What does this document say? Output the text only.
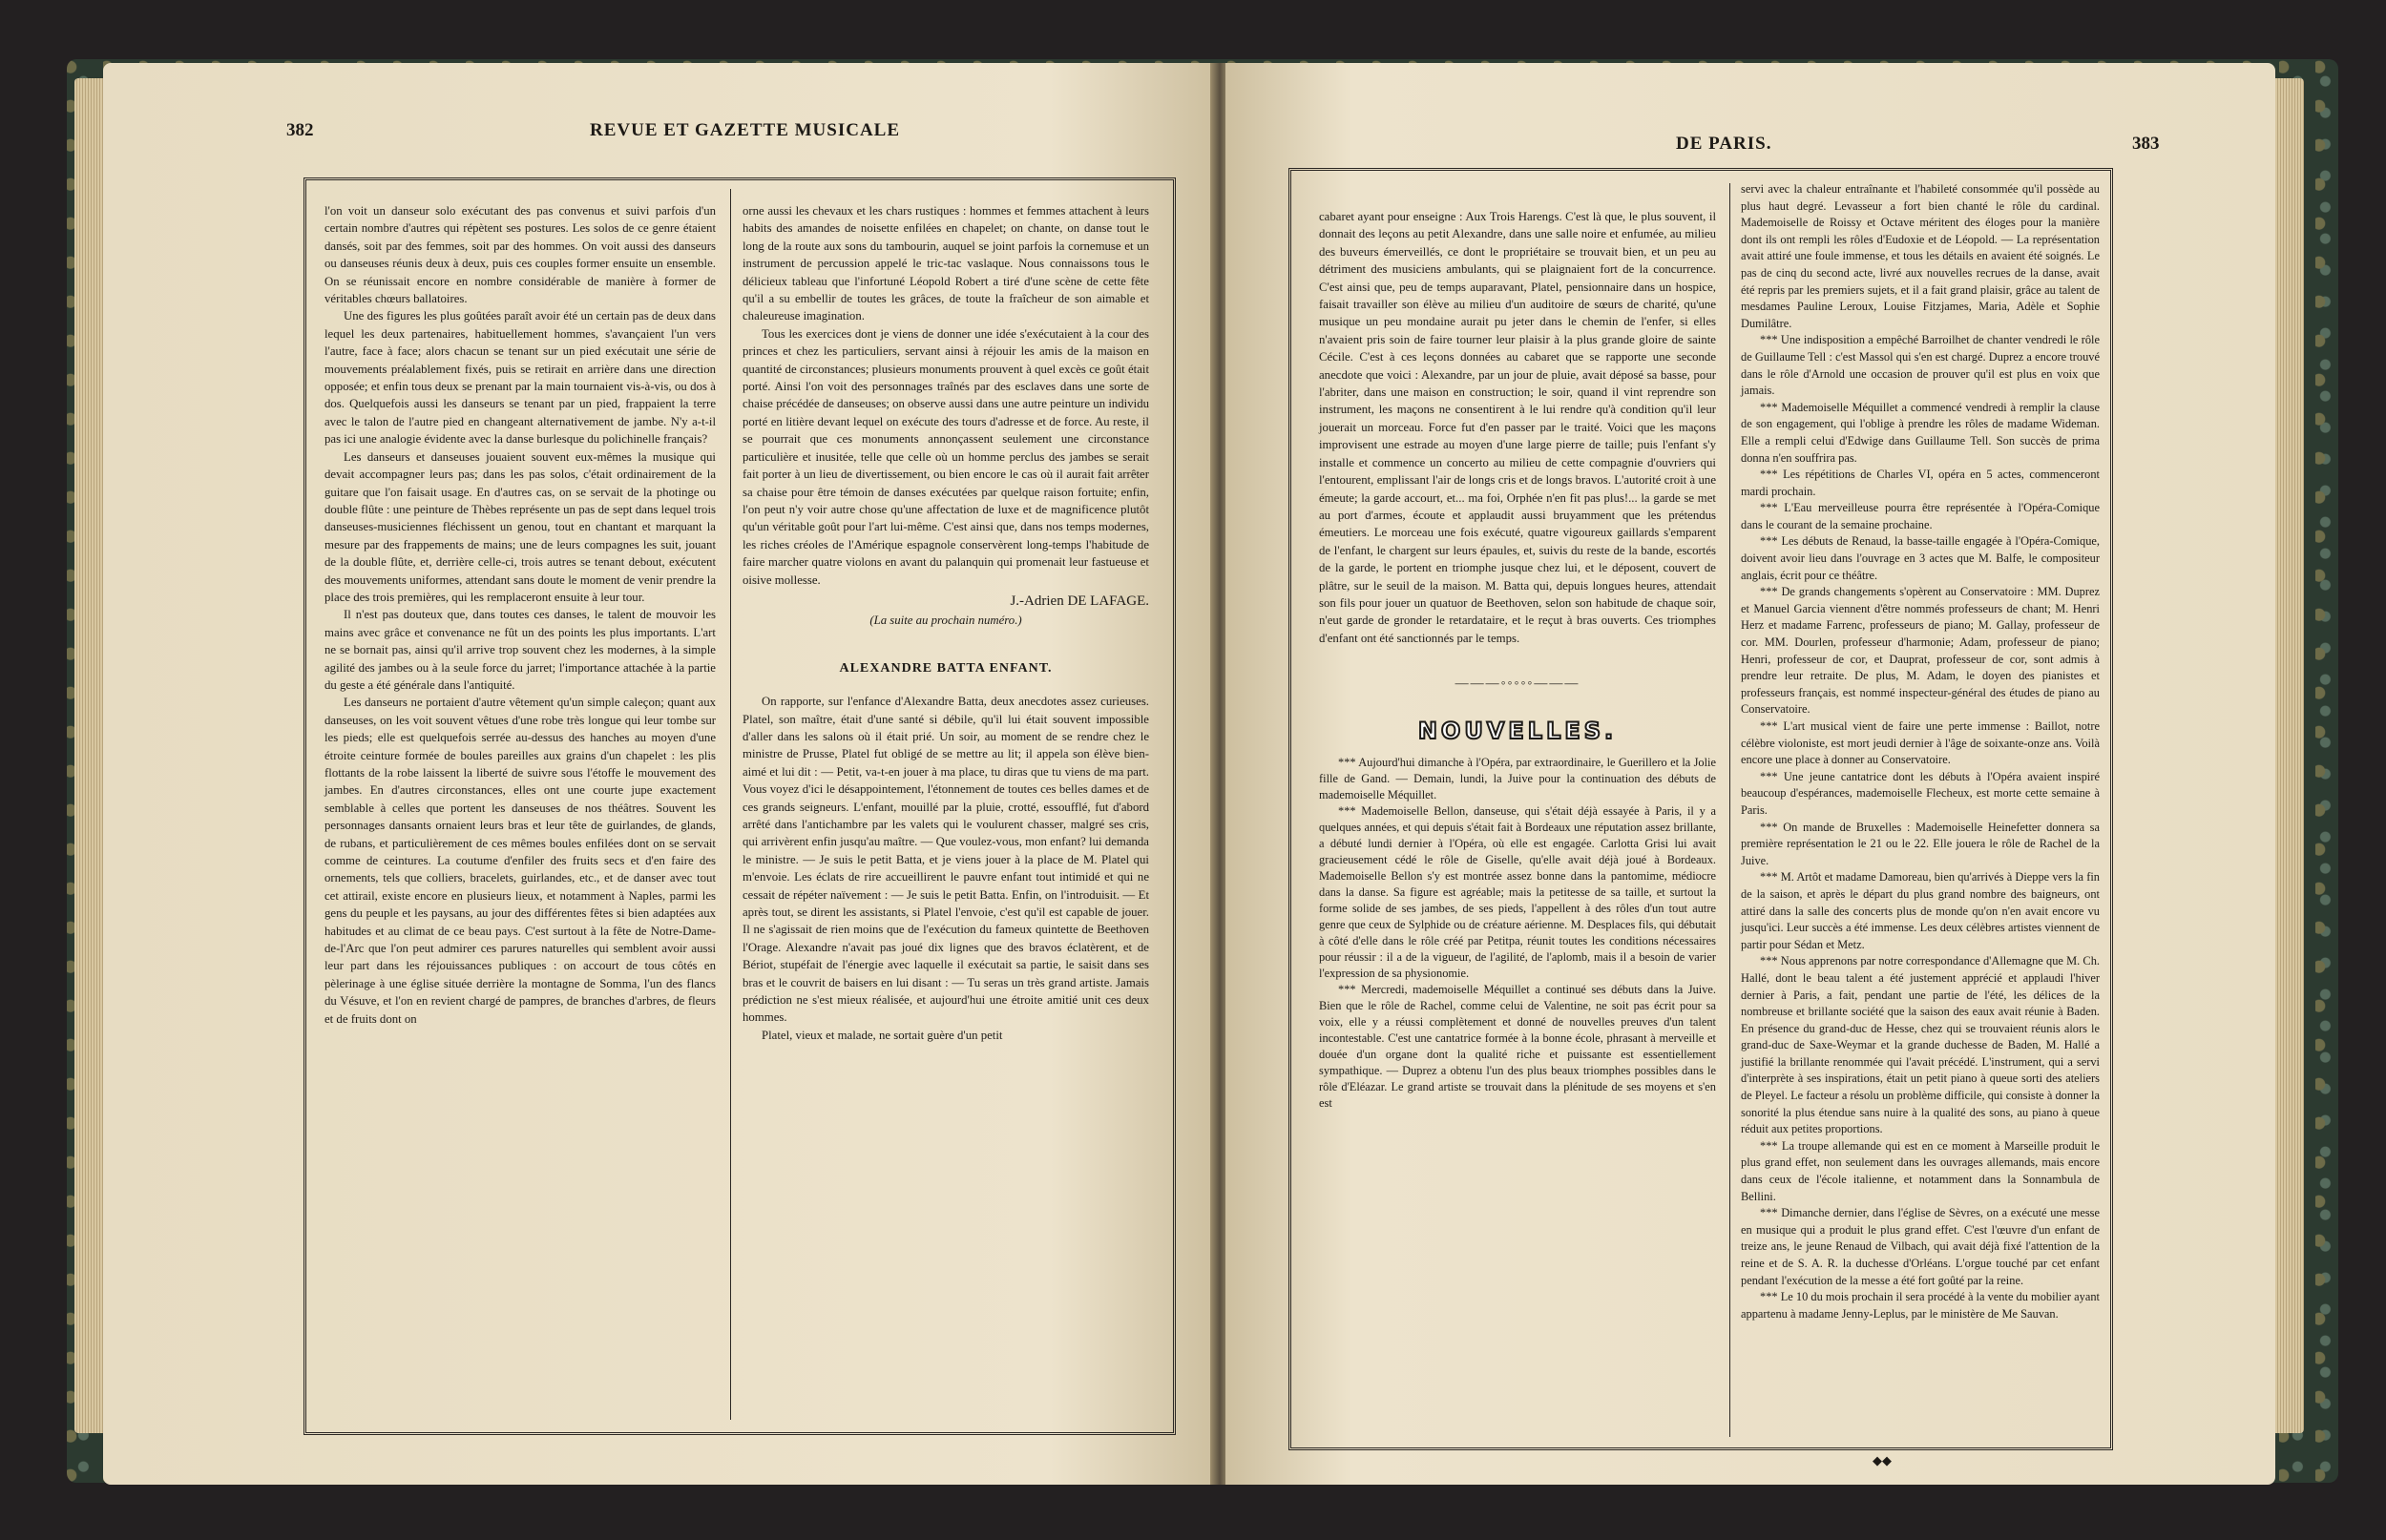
382	REVUE ET GAZETTE MUSICALE

l'on voit un danseur solo exécutant des pas convenus et suivi parfois d'un certain nombre d'autres qui répètent ses postures. Les solos de ce genre étaient dansés, soit par des femmes, soit par des hommes. On voit aussi des danseurs ou danseuses réunis deux à deux, puis ces couples former ensuite un ensemble. On se réunissait encore en nombre considérable de manière à former de véritables chœurs ballatoires.

Une des figures les plus goûtées paraît avoir été un certain pas de deux dans lequel les deux partenaires, habituellement hommes, s'avançaient l'un vers l'autre, face à face; alors chacun se tenant sur un pied exécutait une série de mouvements préalablement fixés, puis se retirait en arrière dans une direction opposée; et enfin tous deux se prenant par la main tournaient vis-à-vis, ou dos à dos. Quelquefois aussi les danseurs se tenant par un pied, frappaient la terre avec le talon de l'autre pied en changeant alternativement de jambe. N'y a-t-il pas ici une analogie évidente avec la danse burlesque du polichinelle français?

Les danseurs et danseuses jouaient souvent eux-mêmes la musique qui devait accompagner leurs pas; dans les pas solos, c'était ordinairement de la guitare que l'on faisait usage. En d'autres cas, on se servait de la photinge ou double flûte : une peinture de Thèbes représente un pas de sept dans lequel trois danseuses-musiciennes fléchissent un genou, tout en chantant et marquant la mesure par des frappements de mains; une de leurs compagnes les suit, jouant de la double flûte, et, derrière celle-ci, trois autres se tenant debout, exécutent des mouvements uniformes, attendant sans doute le moment de venir prendre la place des trois premières, qui les remplaceront ensuite à leur tour.

Il n'est pas douteux que, dans toutes ces danses, le talent de mouvoir les mains avec grâce et convenance ne fût un des points les plus importants. L'art ne se bornait pas, ainsi qu'il arrive trop souvent chez les modernes, à la simple agilité des jambes ou à la seule force du jarret; l'importance attachée à la partie du geste a été générale dans l'antiquité.

Les danseurs ne portaient d'autre vêtement qu'un simple caleçon; quant aux danseuses, on les voit souvent vêtues d'une robe très longue qui leur tombe sur les pieds; elle est quelquefois serrée au-dessus des hanches au moyen d'une étroite ceinture formée de boules pareilles aux grains d'un chapelet : les plis flottants de la robe laissent la liberté de suivre sous l'étoffe le mouvement des jambes. En d'autres circonstances, elles ont une courte jupe exactement semblable à celles que portent les danseuses de nos théâtres. Souvent les personnages dansants ornaient leurs bras et leur tête de guirlandes, de glands, de rubans, et particulièrement de ces mêmes boules enfilées dont on se servait comme de ceintures. La coutume d'enfiler des fruits secs et d'en faire des ornements, tels que colliers, bracelets, guirlandes, etc., et de danser avec tout cet attirail, existe encore en plusieurs lieux, et notamment à Naples, parmi les gens du peuple et les paysans, au jour des différentes fêtes si bien adaptées aux habitudes et au climat de ce beau pays. C'est surtout à la fête de Notre-Dame-de-l'Arc que l'on peut admirer ces parures naturelles qui semblent avoir aussi leur part dans les réjouissances publiques : on accourt de tous côtés en pèlerinage à une église située derrière la montagne de Somma, l'un des flancs du Vésuve, et l'on en revient chargé de pampres, de branches d'arbres, de fleurs et de fruits dont on

orne aussi les chevaux et les chars rustiques : hommes et femmes attachent à leurs habits des amandes de noisette enfilées en chapelet; on chante, on danse tout le long de la route aux sons du tambourin, auquel se joint parfois la cornemuse et un instrument de percussion appelé le tric-tac vaslaque. Nous connaissons tous le délicieux tableau que l'infortuné Léopold Robert a tiré d'une scène de cette fête qu'il a su embellir de toutes les grâces, de toute la fraîcheur de son aimable et chaleureuse imagination.

Tous les exercices dont je viens de donner une idée s'exécutaient à la cour des princes et chez les particuliers, servant ainsi à réjouir les amis de la maison en quantité de circonstances; plusieurs monuments prouvent à quel excès ce goût était porté. Ainsi l'on voit des personnages traînés par des esclaves dans une sorte de chaise précédée de danseuses; on observe aussi dans une autre peinture un individu porté en litière devant lequel on exécute des tours d'adresse et de force. Au reste, il se pourrait que ces monuments annonçassent seulement une circonstance particulière et inusitée, telle que celle où un homme perclus des jambes se serait fait porter à un lieu de divertissement, ou bien encore le cas où il aurait fait arrêter sa chaise pour être témoin de danses exécutées par quelque raison fortuite; enfin, l'on peut n'y voir autre chose qu'une affectation de luxe et de magnificence plutôt qu'un véritable goût pour l'art lui-même. C'est ainsi que, dans nos temps modernes, les riches créoles de l'Amérique espagnole conservèrent long-temps l'habitude de faire marcher quatre violons en avant du palanquin qui promenait leur fastueuse et oisive mollesse.

J.-Adrien DE LAFAGE.
(La suite au prochain numéro.)
ALEXANDRE BATTA ENFANT.

On rapporte, sur l'enfance d'Alexandre Batta, deux anecdotes assez curieuses. Platel, son maître, était d'une santé si débile, qu'il lui était souvent impossible d'aller dans les salons où il était prié. Un soir, au moment de se rendre chez le ministre de Prusse, Platel fut obligé de se mettre au lit; il appela son élève bien-aimé et lui dit : — Petit, va-t-en jouer à ma place, tu diras que tu viens de ma part. Vous voyez d'ici le désappointement, l'étonnement de toutes ces belles dames et de ces grands seigneurs. L'enfant, mouillé par la pluie, crotté, essoufflé, fut d'abord arrêté dans l'antichambre par les valets qui le voulurent chasser, malgré ses cris, qui arrivèrent enfin jusqu'au maître. — Que voulez-vous, mon enfant? lui demanda le ministre. — Je suis le petit Batta, et je viens jouer à la place de M. Platel qui m'envoie. Les éclats de rire accueillirent le pauvre enfant tout intimidé et qui ne cessait de répéter naïvement : — Je suis le petit Batta. Enfin, on l'introduisit. — Et après tout, se dirent les assistants, si Platel l'envoie, c'est qu'il est capable de jouer. Il ne s'agissait de rien moins que de l'exécution du fameux quintette de Beethoven l'Orage. Alexandre n'avait pas joué dix lignes que des bravos éclatèrent, et de Bériot, stupéfait de l'énergie avec laquelle il exécutait sa partie, le saisit dans ses bras et le couvrit de baisers en lui disant : — Tu seras un très grand artiste. Jamais prédiction ne s'est mieux réalisée, et aujourd'hui une étroite amitié unit ces deux hommes.

Platel, vieux et malade, ne sortait guère d'un petit

DE PARIS.	383

cabaret ayant pour enseigne : Aux Trois Harengs. C'est là que, le plus souvent, il donnait des leçons au petit Alexandre, dans une salle noire et enfumée, au milieu des buveurs émerveillés, ce dont le propriétaire se trouvait bien, et un peu au détriment des musiciens ambulants, qui se plaignaient fort de la concurrence. C'est ainsi que, peu de temps auparavant, Platel, pensionnaire dans un hospice, faisait travailler son élève au milieu d'un auditoire de sœurs de charité, qu'une musique un peu mondaine aurait pu jeter dans le chemin de l'enfer, si elles n'avaient pris soin de faire tourner leur plaisir à la plus grande gloire de sainte Cécile. C'est à ces leçons données au cabaret que se rapporte une seconde anecdote que voici : Alexandre, par un jour de pluie, avait déposé sa basse, pour l'abriter, dans une maison en construction; le soir, quand il vint reprendre son instrument, les maçons ne consentirent à le lui rendre qu'à condition qu'il leur jouerait un morceau. Force fut d'en passer par le traité. Voici que les maçons improvisent une estrade au moyen d'une large pierre de taille; puis l'enfant s'y installe et commence un concerto au milieu de cette compagnie d'ouvriers qui l'entourent, emplissant l'air de longs cris et de longs bravos. L'autorité croit à une émeute; la garde accourt, et... ma foi, Orphée n'en fit pas plus!... la garde se met au port d'armes, écoute et applaudit aussi bruyamment que les prétendus émeutiers. Le morceau une fois exécuté, quatre vigoureux gaillards s'emparent de l'enfant, le chargent sur leurs épaules, et, suivis du reste de la bande, escortés de la garde, le portent en triomphe jusque chez lui, et le déposent, couvert de plâtre, sur le seuil de la maison. M. Batta qui, depuis longues heures, attendait son fils pour jouer un quatuor de Beethoven, selon son habitude de chaque soir, n'eut garde de gronder le retardataire, et le reçut à bras ouverts. Ces triomphes d'enfant ont été sanctionnés par le temps.

———◦◦◦◦◦———
NOUVELLES.

*** Aujourd'hui dimanche à l'Opéra, par extraordinaire, le Guerillero et la Jolie fille de Gand. — Demain, lundi, la Juive pour la continuation des débuts de mademoiselle Méquillet.

*** Mademoiselle Bellon, danseuse, qui s'était déjà essayée à Paris, il y a quelques années, et qui depuis s'était fait à Bordeaux une réputation assez brillante, a débuté lundi dernier à l'Opéra, où elle est engagée. Carlotta Grisi lui avait gracieusement cédé le rôle de Giselle, qu'elle avait déjà joué à Bordeaux. Mademoiselle Bellon s'y est montrée assez bonne dans la pantomime, médiocre dans la danse. Sa figure est agréable; mais la petitesse de sa taille, et surtout la forme solide de ses jambes, de ses pieds, l'appellent à des rôles d'un tout autre genre que ceux de Sylphide ou de créature aérienne. M. Desplaces fils, qui débutait à côté d'elle dans le rôle créé par Petitpa, réunit toutes les conditions nécessaires pour réussir : il a de la vigueur, de l'agilité, de l'aplomb, mais il a besoin de varier l'expression de sa physionomie.

*** Mercredi, mademoiselle Méquillet a continué ses débuts dans la Juive. Bien que le rôle de Rachel, comme celui de Valentine, ne soit pas écrit pour sa voix, elle y a réussi complètement et donné de nouvelles preuves d'un talent incontestable. C'est une cantatrice formée à la bonne école, phrasant à merveille et douée d'un organe dont la qualité riche et puissante est essentiellement sympathique. — Duprez a obtenu l'un des plus beaux triomphes possibles dans le rôle d'Eléazar. Le grand artiste se trouvait dans la plénitude de ses moyens et s'en est

servi avec la chaleur entraînante et l'habileté consommée qu'il possède au plus haut degré. Levasseur a fort bien chanté le rôle du cardinal. Mademoiselle de Roissy et Octave méritent des éloges pour la manière dont ils ont rempli les rôles d'Eudoxie et de Léopold. — La représentation avait attiré une foule immense, et tous les détails en avaient été soignés. Le pas de cinq du second acte, livré aux nouvelles recrues de la danse, avait été repris par les premiers sujets, et il a fait grand plaisir, grâce au talent de mesdames Pauline Leroux, Louise Fitzjames, Maria, Adèle et Sophie Dumilâtre.

*** Une indisposition a empêché Barroilhet de chanter vendredi le rôle de Guillaume Tell : c'est Massol qui s'en est chargé. Duprez a encore trouvé dans le rôle d'Arnold une occasion de prouver qu'il est plus en voix que jamais.

*** Mademoiselle Méquillet a commencé vendredi à remplir la clause de son engagement, qui l'oblige à prendre les rôles de madame Wideman. Elle a rempli celui d'Edwige dans Guillaume Tell. Son succès de prima donna n'en souffrira pas.

*** Les répétitions de Charles VI, opéra en 5 actes, commenceront mardi prochain.

*** L'Eau merveilleuse pourra être représentée à l'Opéra-Comique dans le courant de la semaine prochaine.

*** Les débuts de Renaud, la basse-taille engagée à l'Opéra-Comique, doivent avoir lieu dans l'ouvrage en 3 actes que M. Balfe, le compositeur anglais, écrit pour ce théâtre.

*** De grands changements s'opèrent au Conservatoire : MM. Duprez et Manuel Garcia viennent d'être nommés professeurs de chant; M. Henri Herz et madame Farrenc, professeurs de piano; M. Gallay, professeur de cor. MM. Dourlen, professeur d'harmonie; Adam, professeur de piano; Henri, professeur de cor, et Dauprat, professeur de cor, sont admis à prendre leur retraite. De plus, M. Adam, le doyen des pianistes et professeurs français, est nommé inspecteur-général des études de piano au Conservatoire.

*** L'art musical vient de faire une perte immense : Baillot, notre célèbre violoniste, est mort jeudi dernier à l'âge de soixante-onze ans. Voilà encore une place à donner au Conservatoire.

*** Une jeune cantatrice dont les débuts à l'Opéra avaient inspiré beaucoup d'espérances, mademoiselle Flecheux, est morte cette semaine à Paris.

*** On mande de Bruxelles : Mademoiselle Heinefetter donnera sa première représentation le 21 ou le 22. Elle jouera le rôle de Rachel de la Juive.

*** M. Artôt et madame Damoreau, bien qu'arrivés à Dieppe vers la fin de la saison, et après le départ du plus grand nombre des baigneurs, ont attiré dans la salle des concerts plus de monde qu'on n'en avait encore vu jusqu'ici. Leur succès a été immense. Les deux célèbres artistes viennent de partir pour Sédan et Metz.

*** Nous apprenons par notre correspondance d'Allemagne que M. Ch. Hallé, dont le beau talent a été justement apprécié et applaudi l'hiver dernier à Paris, a fait, pendant une partie de l'été, les délices de la nombreuse et brillante société que la saison des eaux avait réunie à Baden. En présence du grand-duc de Hesse, chez qui se trouvaient réunis alors le grand-duc de Saxe-Weymar et la grande duchesse de Baden, M. Hallé a justifié la brillante renommée qui l'avait précédé. L'instrument, qui a servi d'interprète à ses inspirations, était un petit piano à queue sorti des ateliers de Pleyel. Le facteur a résolu un problème difficile, qui consiste à donner la sonorité la plus étendue sans nuire à la qualité des sons, au piano à queue réduit aux petites proportions.

*** La troupe allemande qui est en ce moment à Marseille produit le plus grand effet, non seulement dans les ouvrages allemands, mais encore dans ceux de l'école italienne, et notamment dans la Sonnambula de Bellini.

*** Dimanche dernier, dans l'église de Sèvres, on a exécuté une messe en musique qui a produit le plus grand effet. C'est l'œuvre d'un enfant de treize ans, le jeune Renaud de Vilbach, qui avait déjà fixé l'attention de la reine et de S. A. R. la duchesse d'Orléans. L'orgue touché par cet enfant pendant l'exécution de la messe a été fort goûté par la reine.

*** Le 10 du mois prochain il sera procédé à la vente du mobilier ayant appartenu à madame Jenny-Leplus, par le ministère de Me Sauvan.

◆◆
